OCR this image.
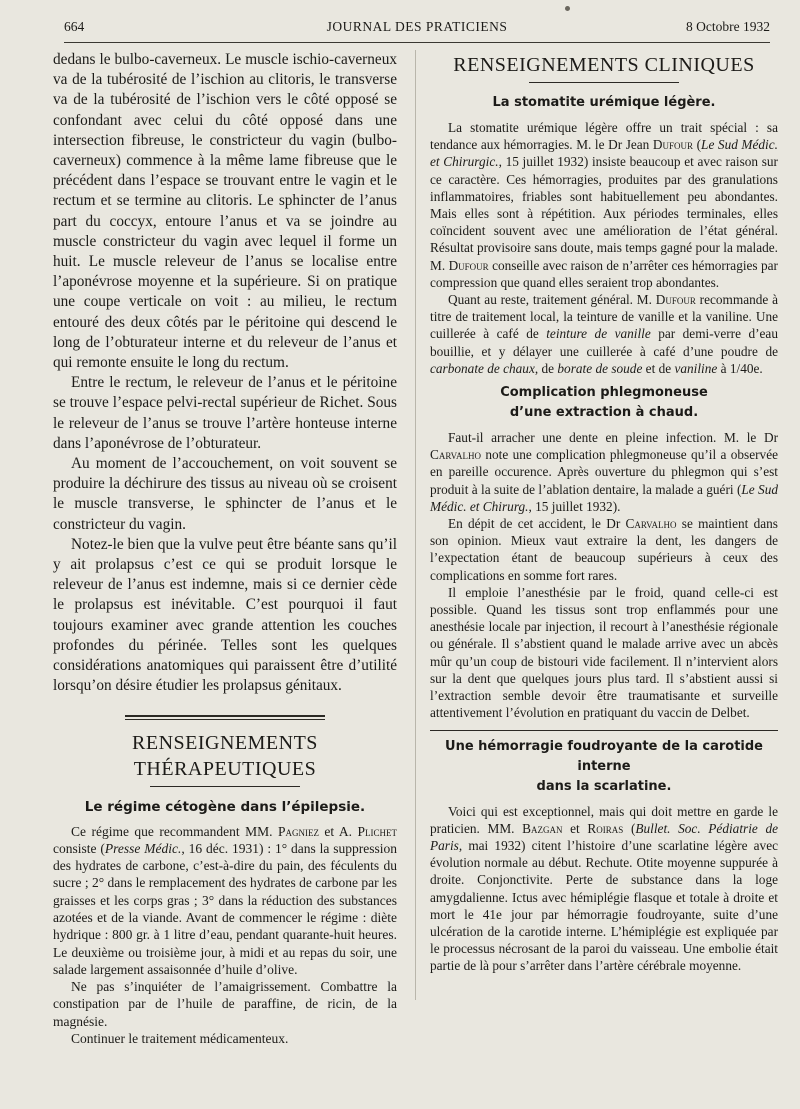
664	JOURNAL DES PRATICIENS	8 Octobre 1932

dedans le bulbo-caverneux. Le muscle ischio-caverneux va de la tubérosité de l’ischion au clitoris, le transverse va de la tubérosité de l’ischion vers le côté opposé se confondant avec celui du côté opposé dans une intersection fibreuse, le constricteur du vagin (bulbo-caverneux) commence à la même lame fibreuse que le précédent dans l’espace se trouvant entre le vagin et le rectum et se termine au clitoris. Le sphincter de l’anus part du coccyx, entoure l’anus et va se joindre au muscle constricteur du vagin avec lequel il forme un huit. Le muscle releveur de l’anus se localise entre l’aponévrose moyenne et la supérieure. Si on pratique une coupe verticale on voit : au milieu, le rectum entouré des deux côtés par le péritoine qui descend le long de l’obturateur interne et du releveur de l’anus et qui remonte ensuite le long du rectum.

Entre le rectum, le releveur de l’anus et le péritoine se trouve l’espace pelvi-rectal supérieur de Richet. Sous le releveur de l’anus se trouve l’artère honteuse interne dans l’aponévrose de l’obturateur.

Au moment de l’accouchement, on voit souvent se produire la déchirure des tissus au niveau où se croisent le muscle transverse, le sphincter de l’anus et le constricteur du vagin.

Notez-le bien que la vulve peut être béante sans qu’il y ait prolapsus c’est ce qui se produit lorsque le releveur de l’anus est indemne, mais si ce dernier cède le prolapsus est inévitable. C’est pourquoi il faut toujours examiner avec grande attention les couches profondes du périnée. Telles sont les quelques considérations anatomiques qui paraissent être d’utilité lorsqu’on désire étudier les prolapsus génitaux.

RENSEIGNEMENTS THÉRAPEUTIQUES
Le régime cétogène dans l’épilepsie.

Ce régime que recommandent MM. Pagniez et A. Plichet consiste (Presse Médic., 16 déc. 1931) : 1° dans la suppression des hydrates de carbone, c’est-à-dire du pain, des féculents du sucre ; 2° dans le remplacement des hydrates de carbone par les graisses et les corps gras ; 3° dans la réduction des substances azotées et de la viande. Avant de commencer le régime : diète hydrique : 800 gr. à 1 litre d’eau, pendant quarante-huit heures. Le deuxième ou troisième jour, à midi et au repas du soir, une salade largement assaisonnée d’huile d’olive.

Ne pas s’inquiéter de l’amaigrissement. Combattre la constipation par de l’huile de paraffine, de ricin, de la magnésie.

Continuer le traitement médicamenteux.

RENSEIGNEMENTS CLINIQUES
La stomatite urémique légère.

La stomatite urémique légère offre un trait spécial : sa tendance aux hémorragies. M. le Dr Jean Dufour (Le Sud Médic. et Chirurgic., 15 juillet 1932) insiste beaucoup et avec raison sur ce caractère. Ces hémorragies, produites par des granulations inflammatoires, friables sont habituellement peu abondantes. Mais elles sont à répétition. Aux périodes terminales, elles coïncident souvent avec une amélioration de l’état général. Résultat provisoire sans doute, mais temps gagné pour la malade. M. Dufour conseille avec raison de n’arrêter ces hémorragies par compression que quand elles seraient trop abondantes.

Quant au reste, traitement général. M. Dufour recommande à titre de traitement local, la teinture de vanille et la vaniline. Une cuillerée à café de teinture de vanille par demi-verre d’eau bouillie, et y délayer une cuillerée à café d’une poudre de carbonate de chaux, de borate de soude et de vaniline à 1/40e.

Complication phlegmoneuse
d’une extraction à chaud.

Faut-il arracher une dente en pleine infection. M. le Dr Carvalho note une complication phlegmoneuse qu’il a observée en pareille occurence. Après ouverture du phlegmon qui s’est produit à la suite de l’ablation dentaire, la malade a guéri (Le Sud Médic. et Chirurg., 15 juillet 1932).

En dépit de cet accident, le Dr Carvalho se maintient dans son opinion. Mieux vaut extraire la dent, les dangers de l’expectation étant de beaucoup supérieurs à ceux des complications en somme fort rares.

Il emploie l’anesthésie par le froid, quand celle-ci est possible. Quand les tissus sont trop enflammés pour une anesthésie locale par injection, il recourt à l’anesthésie régionale ou générale. Il s’abstient quand le malade arrive avec un abcès mûr qu’un coup de bistouri vide facilement. Il n’intervient alors sur la dent que quelques jours plus tard. Il s’abstient aussi si l’extraction semble devoir être traumatisante et surveille attentivement l’évolution en pratiquant du vaccin de Delbet.

Une hémorragie foudroyante de la carotide interne
dans la scarlatine.

Voici qui est exceptionnel, mais qui doit mettre en garde le praticien. MM. Bazgan et Roiras (Bullet. Soc. Pédiatrie de Paris, mai 1932) citent l’histoire d’une scarlatine légère avec évolution normale au début. Rechute. Otite moyenne suppurée à droite. Conjonctivite. Perte de substance dans la loge amygdalienne. Ictus avec hémiplégie flasque et totale à droite et mort le 41e jour par hémorragie foudroyante, suite d’une ulcération de la carotide interne. L’hémiplégie est expliquée par le processus nécrosant de la paroi du vaisseau. Une embolie était partie de là pour s’arrêter dans l’artère cérébrale moyenne.
